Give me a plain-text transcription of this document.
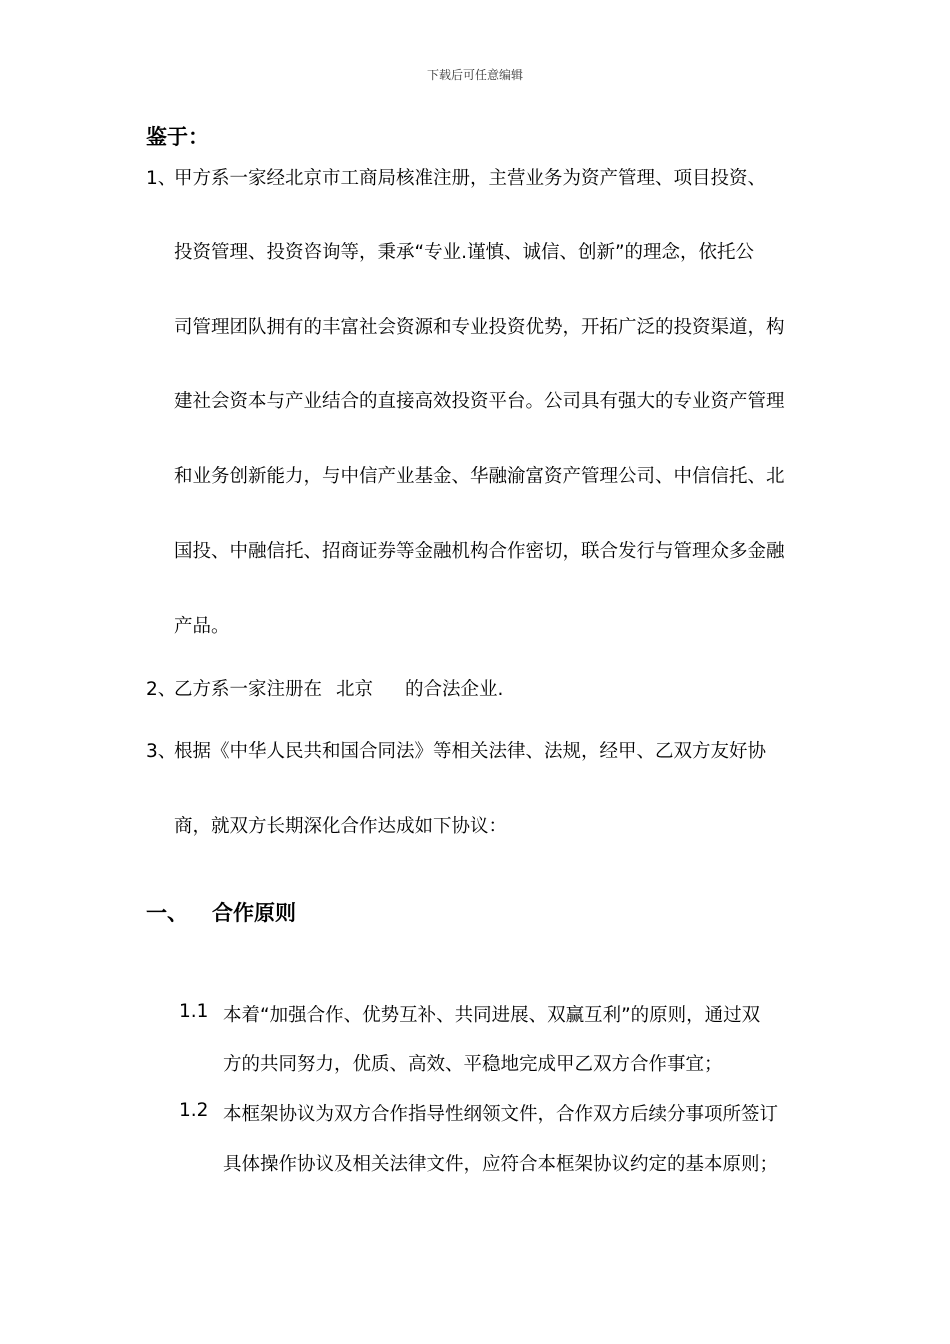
下载后可任意编辑
鉴于：
1、
甲方系一家经北京市工商局核准注册，主营业务为资产管理、项目投资、
投资管理、投资咨询等，秉承“专业.谨慎、诚信、创新”的理念，依托公
司管理团队拥有的丰富社会资源和专业投资优势，开拓广泛的投资渠道，构
建社会资本与产业结合的直接高效投资平台。公司具有强大的专业资产管理
和业务创新能力，与中信产业基金、华融渝富资产管理公司、中信信托、北
国投、中融信托、招商证券等金融机构合作密切，联合发行与管理众多金融
产品。
2、
乙方系一家注册在 北京 的合法企业.
3、
根据《中华人民共和国合同法》等相关法律、法规，经甲、乙双方友好协
商，就双方长期深化合作达成如下协议：
一、 合作原则
1.1 本着“加强合作、优势互补、共同进展、双赢互利”的原则，通过双
方的共同努力，优质、高效、平稳地完成甲乙双方合作事宜；
1.2 本框架协议为双方合作指导性纲领文件，合作双方后续分事项所签订
具体操作协议及相关法律文件，应符合本框架协议约定的基本原则；
